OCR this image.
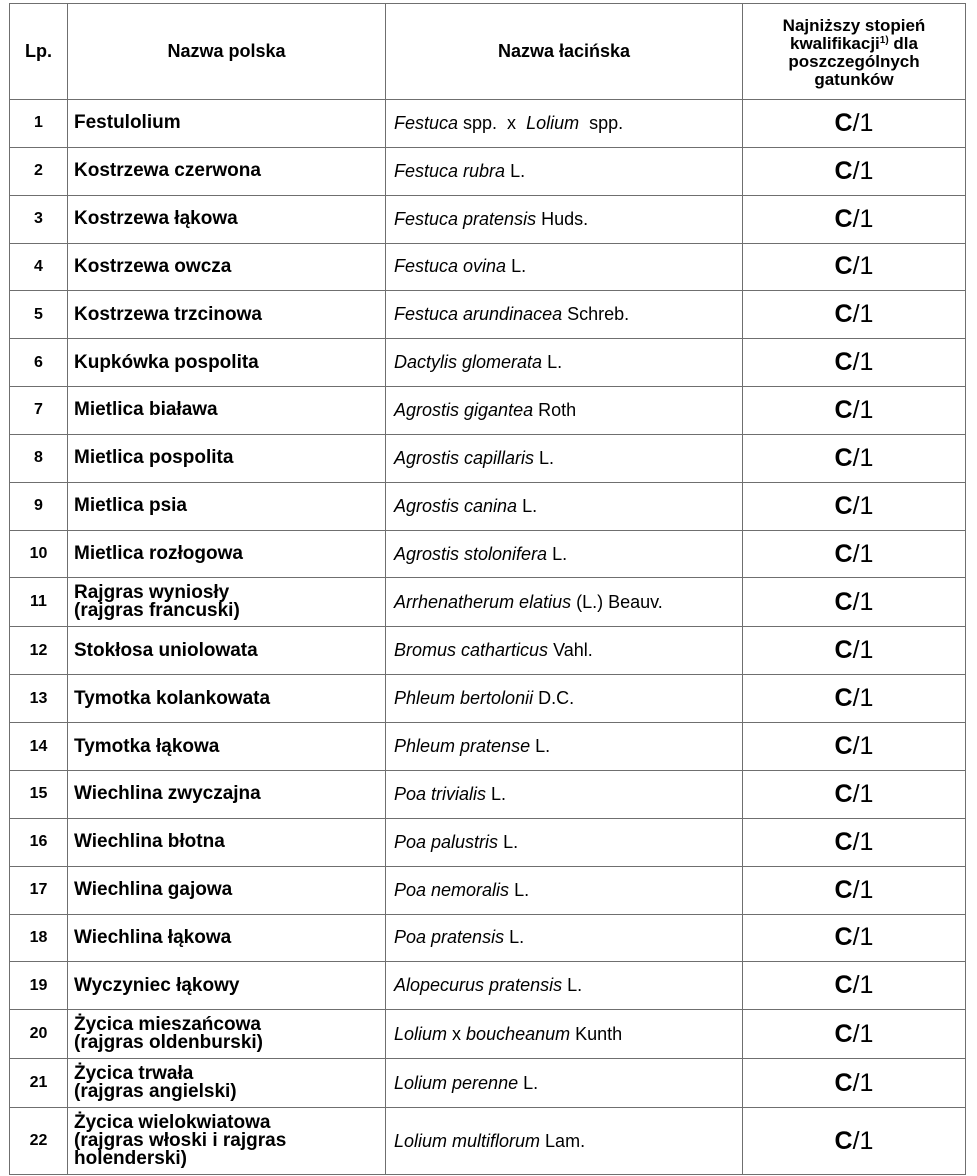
Lp.	Nazwa polska	Nazwa łacińska	Najniższy stopień
kwalifikacji$^{1)}$ dla
poszczególnych
gatunków
1	Festulolium	Festuca spp.  x  Lolium  spp.	C/1
2	Kostrzewa czerwona	Festuca rubra L.	C/1
3	Kostrzewa łąkowa	Festuca pratensis Huds.	C/1
4	Kostrzewa owcza	Festuca ovina L.	C/1
5	Kostrzewa trzcinowa	Festuca arundinacea Schreb.	C/1
6	Kupkówka pospolita	Dactylis glomerata L.	C/1
7	Mietlica biaława	Agrostis gigantea Roth	C/1
8	Mietlica pospolita	Agrostis capillaris L.	C/1
9	Mietlica psia	Agrostis canina L.	C/1
10	Mietlica rozłogowa	Agrostis stolonifera L.	C/1
11	Rajgras wyniosły
(rajgras francuski)	Arrhenatherum elatius (L.) Beauv.	C/1
12	Stokłosa uniolowata	Bromus catharticus Vahl.	C/1
13	Tymotka kolankowata	Phleum bertolonii D.C.	C/1
14	Tymotka łąkowa	Phleum pratense L.	C/1
15	Wiechlina zwyczajna	Poa trivialis L.	C/1
16	Wiechlina błotna	Poa palustris L.	C/1
17	Wiechlina gajowa	Poa nemoralis L.	C/1
18	Wiechlina łąkowa	Poa pratensis L.	C/1
19	Wyczyniec łąkowy	Alopecurus pratensis L.	C/1
20	Życica mieszańcowa
(rajgras oldenburski)	Lolium x boucheanum Kunth	C/1
21	Życica trwała
(rajgras angielski)	Lolium perenne L.	C/1
22	Życica wielokwiatowa
(rajgras włoski i rajgras
holenderski)	Lolium multiflorum Lam.	C/1
